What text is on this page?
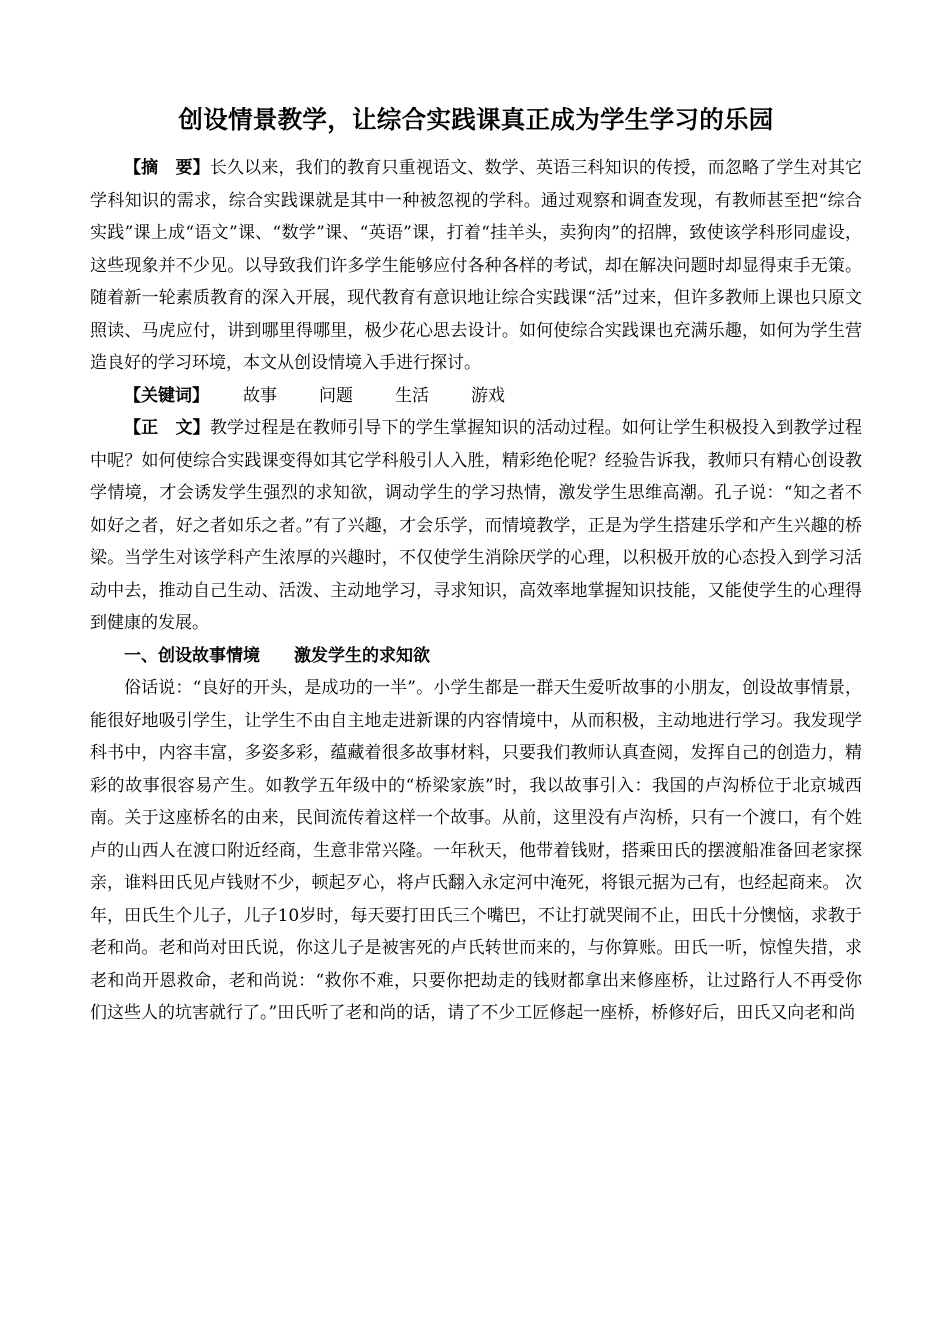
创设情景教学，让综合实践课真正成为学生学习的乐园

【摘　要】长久以来，我们的教育只重视语文、数学、英语三科知识的传授，而忽略了学生对其它学科知识的需求，综合实践课就是其中一种被忽视的学科。通过观察和调查发现，有教师甚至把“综合实践”课上成“语文”课、“数学”课、“英语”课，打着“挂羊头，卖狗肉”的招牌，致使该学科形同虚设，这些现象并不少见。以导致我们许多学生能够应付各种各样的考试，却在解决问题时却显得束手无策。随着新一轮素质教育的深入开展，现代教育有意识地让综合实践课“活”过来，但许多教师上课也只原文照读、马虎应付，讲到哪里得哪里，极少花心思去设计。如何使综合实践课也充满乐趣，如何为学生营造良好的学习环境，本文从创设情境入手进行探讨。

【关键词】 故事 问题 生活 游戏

【正　文】教学过程是在教师引导下的学生掌握知识的活动过程。如何让学生积极投入到教学过程中呢？如何使综合实践课变得如其它学科般引人入胜，精彩绝伦呢？经验告诉我，教师只有精心创设教学情境，才会诱发学生强烈的求知欲，调动学生的学习热情，激发学生思维高潮。孔子说：“知之者不如好之者，好之者如乐之者。”有了兴趣，才会乐学，而情境教学，正是为学生搭建乐学和产生兴趣的桥梁。当学生对该学科产生浓厚的兴趣时，不仅使学生消除厌学的心理，以积极开放的心态投入到学习活动中去，推动自己生动、活泼、主动地学习，寻求知识，高效率地掌握知识技能，又能使学生的心理得到健康的发展。

一、创设故事情境 激发学生的求知欲

俗话说：“良好的开头，是成功的一半”。小学生都是一群天生爱听故事的小朋友，创设故事情景，能很好地吸引学生，让学生不由自主地走进新课的内容情境中，从而积极，主动地进行学习。我发现学科书中，内容丰富，多姿多彩，蕴藏着很多故事材料，只要我们教师认真查阅，发挥自己的创造力，精彩的故事很容易产生。如教学五年级中的“桥梁家族”时，我以故事引入：我国的卢沟桥位于北京城西南。关于这座桥名的由来，民间流传着这样一个故事。从前，这里没有卢沟桥，只有一个渡口，有个姓卢的山西人在渡口附近经商，生意非常兴隆。一年秋天，他带着钱财，搭乘田氏的摆渡船准备回老家探亲，谁料田氏见卢钱财不少，顿起歹心，将卢氏翻入永定河中淹死，将银元据为己有，也经起商来。 次年，田氏生个儿子，儿子10岁时，每天要打田氏三个嘴巴，不让打就哭闹不止，田氏十分懊恼，求教于老和尚。老和尚对田氏说，你这儿子是被害死的卢氏转世而来的，与你算账。田氏一听，惊惶失措，求老和尚开恩救命，老和尚说：“救你不难，只要你把劫走的钱财都拿出来修座桥，让过路行人不再受你们这些人的坑害就行了。”田氏听了老和尚的话，请了不少工匠修起一座桥，桥修好后，田氏又向老和尚
